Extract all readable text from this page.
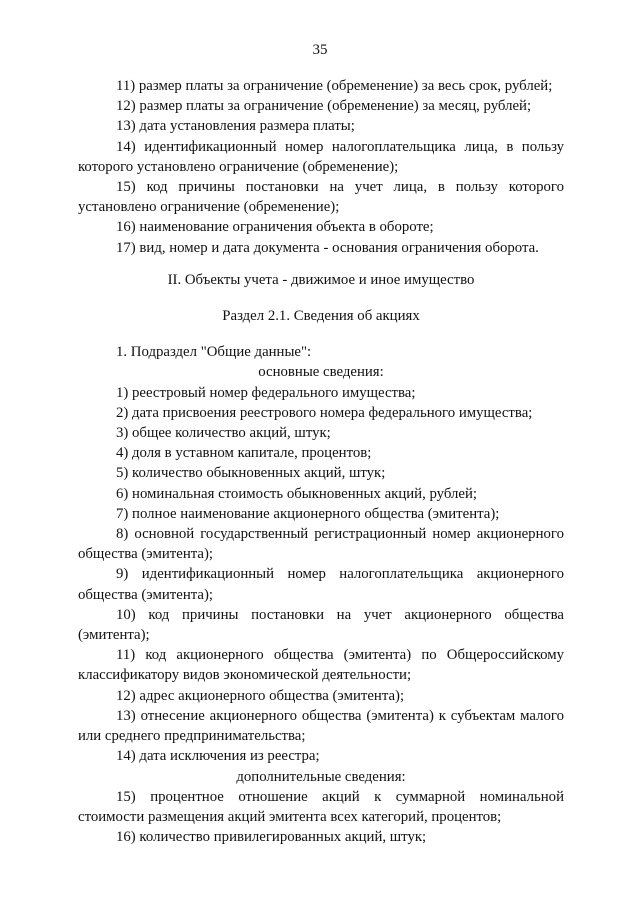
35

11) размер платы за ограничение (обременение) за весь срок, рублей;

12) размер платы за ограничение (обременение) за месяц, рублей;

13) дата установления размера платы;

14) идентификационный номер налогоплательщика лица, в пользу которого установлено ограничение (обременение);

15) код причины постановки на учет лица, в пользу которого установлено ограничение (обременение);

16) наименование ограничения объекта в обороте;

17) вид, номер и дата документа - основания ограничения оборота.

II. Объекты учета - движимое и иное имущество

Раздел 2.1. Сведения об акциях

1. Подраздел "Общие данные":

основные сведения:

1) реестровый номер федерального имущества;

2) дата присвоения реестрового номера федерального имущества;

3) общее количество акций, штук;

4) доля в уставном капитале, процентов;

5) количество обыкновенных акций, штук;

6) номинальная стоимость обыкновенных акций, рублей;

7) полное наименование акционерного общества (эмитента);

8) основной государственный регистрационный номер акционерного общества (эмитента);

9) идентификационный номер налогоплательщика акционерного общества (эмитента);

10) код причины постановки на учет акционерного общества (эмитента);

11) код акционерного общества (эмитента) по Общероссийскому классификатору видов экономической деятельности;

12) адрес акционерного общества (эмитента);

13) отнесение акционерного общества (эмитента) к субъектам малого или среднего предпринимательства;

14) дата исключения из реестра;

дополнительные сведения:

15) процентное отношение акций к суммарной номинальной стоимости размещения акций эмитента всех категорий, процентов;

16) количество привилегированных акций, штук;
